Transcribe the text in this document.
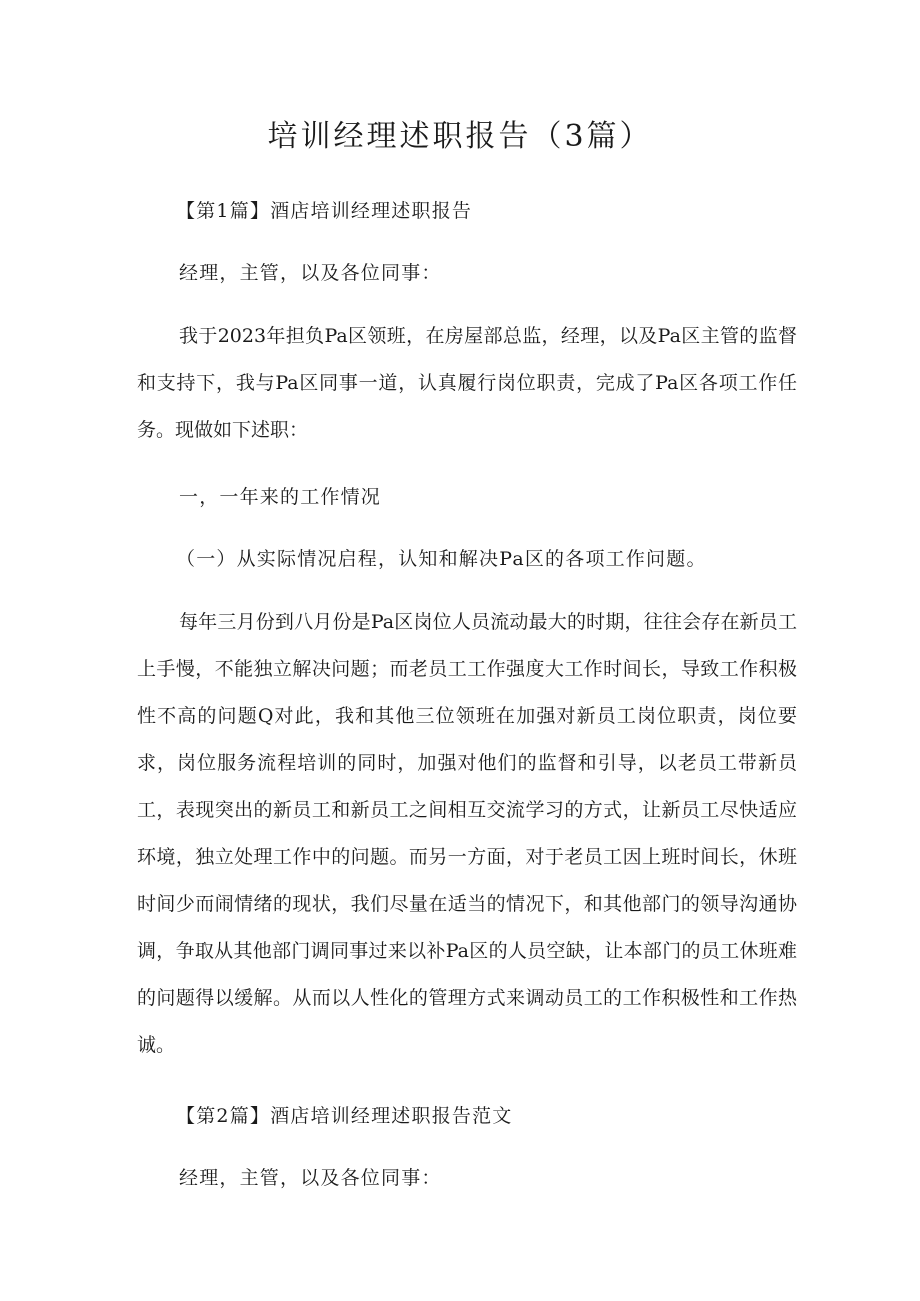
培训经理述职报告（3篇）

【第1篇】酒店培训经理述职报告

经理，主管，以及各位同事：

我于2023年担负Pa区领班，在房屋部总监，经理，以及Pa区主管的监督和支持下，我与Pa区同事一道，认真履行岗位职责，完成了Pa区各项工作任务。现做如下述职：

一，一年来的工作情况

（一）从实际情况启程，认知和解决Pa区的各项工作问题。

每年三月份到八月份是Pa区岗位人员流动最大的时期，往往会存在新员工上手慢，不能独立解决问题；而老员工工作强度大工作时间长，导致工作积极性不高的问题Q对此，我和其他三位领班在加强对新员工岗位职责，岗位要求，岗位服务流程培训的同时，加强对他们的监督和引导，以老员工带新员工，表现突出的新员工和新员工之间相互交流学习的方式，让新员工尽快适应环境，独立处理工作中的问题。而另一方面，对于老员工因上班时间长，休班时间少而闹情绪的现状，我们尽量在适当的情况下，和其他部门的领导沟通协调，争取从其他部门调同事过来以补Pa区的人员空缺，让本部门的员工休班难的问题得以缓解。从而以人性化的管理方式来调动员工的工作积极性和工作热诚。

【第2篇】酒店培训经理述职报告范文

经理，主管，以及各位同事：
